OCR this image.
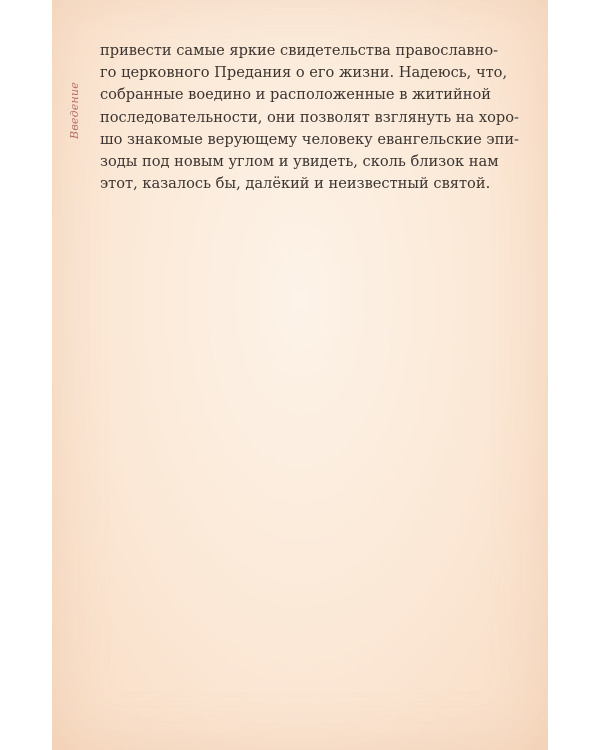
Введение
привести самые яркие свидетельства православно-
го церковного Предания о его жизни. Надеюсь, что,
собранные воедино и расположенные в житийной
последовательности, они позволят взглянуть на хоро-
шо знакомые верующему человеку евангельские эпи-
зоды под новым углом и увидеть, сколь близок нам
этот, казалось бы, далёкий и неизвестный святой.
